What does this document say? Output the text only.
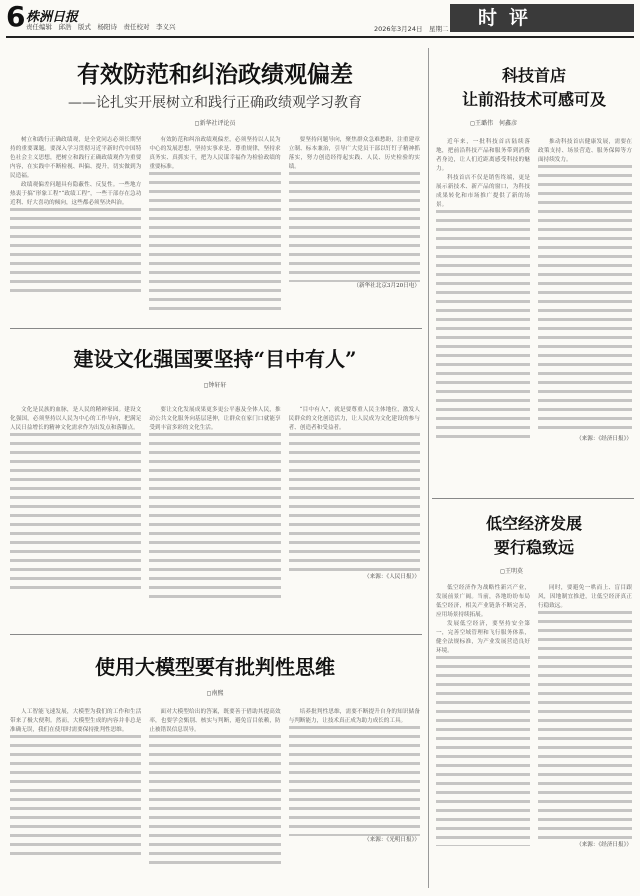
6 株洲日报
责任编辑　邱浩　版式　杨阳诗　责任校对　李义兴	2026年3月24日　星期二	时评
有效防范和纠治政绩观偏差
——论扎实开展树立和践行正确政绩观学习教育
◻新华社评论员

树立和践行正确政绩观，是全党同志必须长期坚持的重要课题。要深入学习贯彻习近平新时代中国特色社会主义思想，把树立和践行正确政绩观作为重要内容，在实践中不断检视、纠偏、提升，切实做到为民造福。

政绩观偏差问题具有隐蔽性、反复性。一些地方热衷于搞“形象工程”“政绩工程”，一些干部存在急功近利、好大喜功的倾向，这些都必须坚决纠治。

有效防范和纠治政绩观偏差，必须坚持以人民为中心的发展思想，坚持实事求是、尊重规律，坚持求真务实、真抓实干，把为人民谋幸福作为检验政绩的重要标准。

要坚持问题导向，聚焦群众急难愁盼，注重建章立制、标本兼治，引导广大党员干部以钉钉子精神抓落实，努力创造经得起实践、人民、历史检验的实绩。

（新华社北京3月20日电）
建设文化强国要坚持“目中有人”
◻钟轩轩

文化是民族的血脉，是人民的精神家园。建设文化强国，必须坚持以人民为中心的工作导向，把满足人民日益增长的精神文化需求作为出发点和落脚点。

要让文化发展成果更多更公平惠及全体人民，推动公共文化服务向基层延伸，让群众在家门口就能享受到丰富多彩的文化生活。

“目中有人”，就是要尊重人民主体地位，激发人民群众的文化创造活力，让人民成为文化建设的参与者、创造者和受益者。

（来源：《人民日报》）
使用大模型要有批判性思维
◻南熙

人工智能飞速发展，大模型为我们的工作和生活带来了极大便利。然而，大模型生成的内容并非总是准确无误，我们在使用时需要保持批判性思维。

面对大模型给出的答案，既要善于借助其提高效率，也要学会甄别、核实与判断，避免盲目依赖，防止被错误信息误导。

培养批判性思维，需要不断提升自身的知识储备与判断能力，让技术真正成为助力成长的工具。

（来源：《光明日报》）
科技首店
让前沿技术可感可及
◻王璐伟　何鑫彦

近年来，一批科技首店陆续落地，把前沿科技产品和服务带到消费者身边，让人们近距离感受科技的魅力。

科技首店不仅是销售终端，更是展示新技术、新产品的窗口，为科技成果转化和市场推广提供了新的场景。

推动科技首店健康发展，需要在政策支持、场景营造、服务保障等方面持续发力。

（来源：《经济日报》）
低空经济发展
要行稳致远
◻王明莫

低空经济作为战略性新兴产业，发展前景广阔。当前，各地纷纷布局低空经济，相关产业链条不断完善，应用场景持续拓展。

发展低空经济，要坚持安全第一，完善空域管理和飞行服务体系，健全法规标准，为产业发展营造良好环境。

同时，要避免一哄而上、盲目跟风，因地制宜推进，让低空经济真正行稳致远。

（来源：《经济日报》）
